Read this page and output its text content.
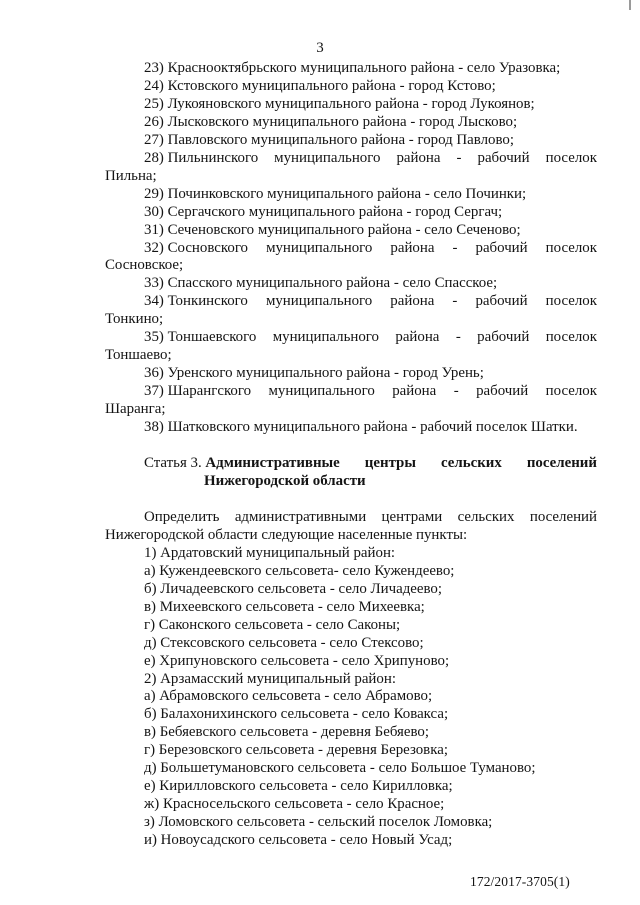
3
23) Краснооктябрьского муниципального района - село Уразовка;
24) Кстовского муниципального района - город Кстово;
25) Лукояновского муниципального района - город Лукоянов;
26) Лысковского муниципального района - город Лысково;
27) Павловского муниципального района - город Павлово;
28) Пильнинского муниципального района - рабочий поселок
Пильна;
29) Починковского муниципального района - село Починки;
30) Сергачского муниципального района - город Сергач;
31) Сеченовского муниципального района - село Сеченово;
32) Сосновского муниципального района - рабочий поселок
Сосновское;
33) Спасского муниципального района - село Спасское;
34) Тонкинского муниципального района - рабочий поселок
Тонкино;
35) Тоншаевского муниципального района - рабочий поселок
Тоншаево;
36) Уренского муниципального района - город Урень;
37) Шарангского муниципального района - рабочий поселок
Шаранга;
38) Шатковского муниципального района - рабочий поселок Шатки.
Статья 3. Административные центры сельских поселений
Нижегородской области
Определить административными центрами сельских поселений
Нижегородской области следующие населенные пункты:
1) Ардатовский муниципальный район:
а) Кужендеевского сельсовета- село Кужендеево;
б) Личадеевского сельсовета - село Личадеево;
в) Михеевского сельсовета - село Михеевка;
г) Саконского сельсовета - село Саконы;
д) Стексовского сельсовета - село Стексово;
е) Хрипуновского сельсовета - село Хрипуново;
2) Арзамасский муниципальный район:
а) Абрамовского сельсовета - село Абрамово;
б) Балахонихинского сельсовета - село Ковакса;
в) Бебяевского сельсовета - деревня Бебяево;
г) Березовского сельсовета - деревня Березовка;
д) Большетумановского сельсовета - село Большое Туманово;
е) Кирилловского сельсовета - село Кирилловка;
ж) Красносельского сельсовета - село Красное;
з) Ломовского сельсовета - сельский поселок Ломовка;
и) Новоусадского сельсовета - село Новый Усад;
172/2017-3705(1)
